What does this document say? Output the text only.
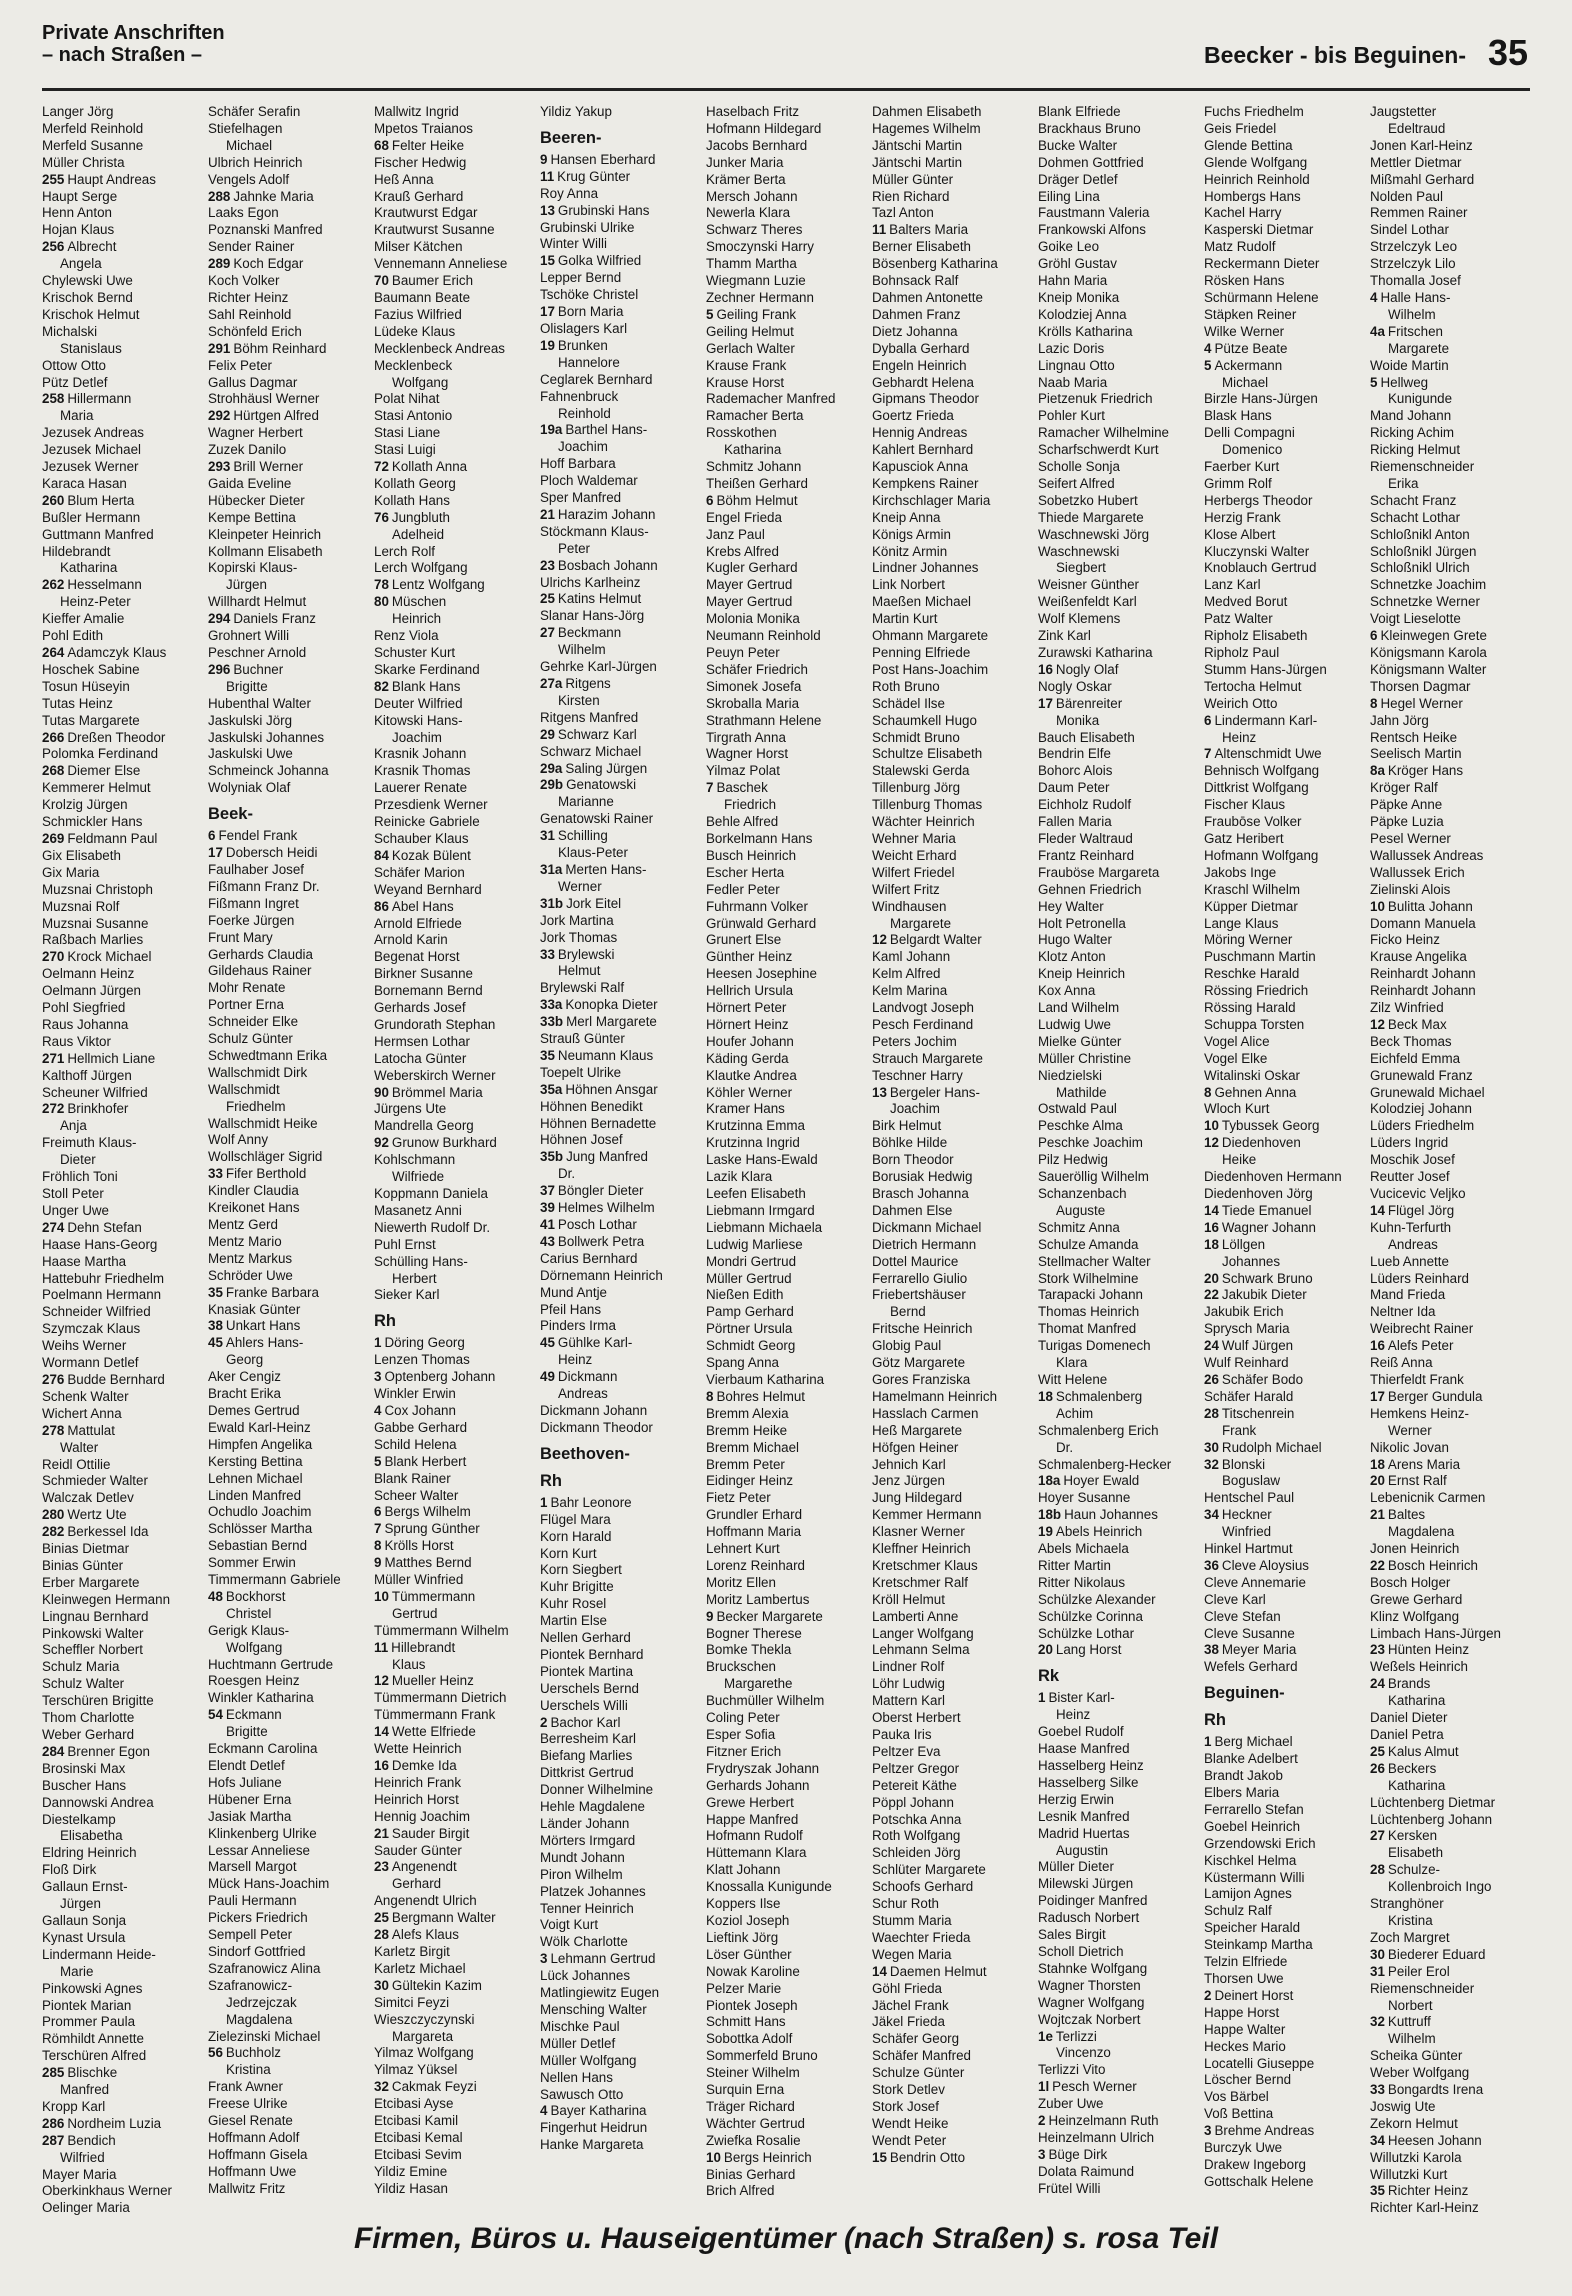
Private Anschriften
– nach Straßen –	Beecker - bis Beguinen- 35
Langer Jörg
Merfeld Reinhold
Merfeld Susanne
Müller Christa
255 Haupt Andreas
Haupt Serge
Henn Anton
Hojan Klaus
256 Albrecht
Angela
Chylewski Uwe
Krischok Bernd
Krischok Helmut
Michalski
Stanislaus
Ottow Otto
Pütz Detlef
258 Hillermann
Maria
Jezusek Andreas
Jezusek Michael
Jezusek Werner
Karaca Hasan
260 Blum Herta
Bußler Hermann
Guttmann Manfred
Hildebrandt
Katharina
262 Hesselmann
Heinz-Peter
Kieffer Amalie
Pohl Edith
264 Adamczyk Klaus
Hoschek Sabine
Tosun Hüseyin
Tutas Heinz
Tutas Margarete
266 Dreßen Theodor
Polomka Ferdinand
268 Diemer Else
Kemmerer Helmut
Krolzig Jürgen
Schmickler Hans
269 Feldmann Paul
Gix Elisabeth
Gix Maria
Muzsnai Christoph
Muzsnai Rolf
Muzsnai Susanne
Raßbach Marlies
270 Krock Michael
Oelmann Heinz
Oelmann Jürgen
Pohl Siegfried
Raus Johanna
Raus Viktor
271 Hellmich Liane
Kalthoff Jürgen
Scheuner Wilfried
272 Brinkhofer
Anja
Freimuth Klaus-
Dieter
Fröhlich Toni
Stoll Peter
Unger Uwe
274 Dehn Stefan
Haase Hans-Georg
Haase Martha
Hattebuhr Friedhelm
Poelmann Hermann
Schneider Wilfried
Szymczak Klaus
Weihs Werner
Wormann Detlef
276 Budde Bernhard
Schenk Walter
Wichert Anna
278 Mattulat
Walter
Reidl Ottilie
Schmieder Walter
Walczak Detlev
280 Wertz Ute
282 Berkessel Ida
Binias Dietmar
Binias Günter
Erber Margarete
Kleinwegen Hermann
Lingnau Bernhard
Pinkowski Walter
Scheffler Norbert
Schulz Maria
Schulz Walter
Terschüren Brigitte
Thom Charlotte
Weber Gerhard
284 Brenner Egon
Brosinski Max
Buscher Hans
Dannowski Andrea
Diestelkamp
Elisabetha
Eldring Heinrich
Floß Dirk
Gallaun Ernst-
Jürgen
Gallaun Sonja
Kynast Ursula
Lindermann Heide-
Marie
Pinkowski Agnes
Piontek Marian
Prommer Paula
Römhildt Annette
Terschüren Alfred
285 Blischke
Manfred
Kropp Karl
286 Nordheim Luzia
287 Bendich
Wilfried
Mayer Maria
Oberkinkhaus Werner
Oelinger Maria
Schäfer Serafin
Stiefelhagen
Michael
Ulbrich Heinrich
Vengels Adolf
288 Jahnke Maria
Laaks Egon
Poznanski Manfred
Sender Rainer
289 Koch Edgar
Koch Volker
Richter Heinz
Sahl Reinhold
Schönfeld Erich
291 Böhm Reinhard
Felix Peter
Gallus Dagmar
Strohhäusl Werner
292 Hürtgen Alfred
Wagner Herbert
Zuzek Danilo
293 Brill Werner
Gaida Eveline
Hübecker Dieter
Kempe Bettina
Kleinpeter Heinrich
Kollmann Elisabeth
Kopirski Klaus-
Jürgen
Willhardt Helmut
294 Daniels Franz
Grohnert Willi
Peschner Arnold
296 Buchner
Brigitte
Hubenthal Walter
Jaskulski Jörg
Jaskulski Johannes
Jaskulski Uwe
Schmeinck Johanna
Wolyniak Olaf
Beek-
6 Fendel Frank
17 Dobersch Heidi
Faulhaber Josef
Fißmann Franz Dr.
Fißmann Ingret
Foerke Jürgen
Frunt Mary
Gerhards Claudia
Gildehaus Rainer
Mohr Renate
Portner Erna
Schneider Elke
Schulz Günter
Schwedtmann Erika
Wallschmidt Dirk
Wallschmidt
Friedhelm
Wallschmidt Heike
Wolf Anny
Wollschläger Sigrid
33 Fifer Berthold
Kindler Claudia
Kreikonet Hans
Mentz Gerd
Mentz Mario
Mentz Markus
Schröder Uwe
35 Franke Barbara
Knasiak Günter
38 Unkart Hans
45 Ahlers Hans-
Georg
Aker Cengiz
Bracht Erika
Demes Gertrud
Ewald Karl-Heinz
Himpfen Angelika
Kersting Bettina
Lehnen Michael
Linden Manfred
Ochudlo Joachim
Schlösser Martha
Sebastian Bernd
Sommer Erwin
Timmermann Gabriele
48 Bockhorst
Christel
Gerigk Klaus-
Wolfgang
Huchtmann Gertrude
Roesgen Heinz
Winkler Katharina
54 Eckmann
Brigitte
Eckmann Carolina
Elendt Detlef
Hofs Juliane
Hübener Erna
Jasiak Martha
Klinkenberg Ulrike
Lessar Anneliese
Marsell Margot
Mück Hans-Joachim
Pauli Hermann
Pickers Friedrich
Sempell Peter
Sindorf Gottfried
Szafranowicz Alina
Szafranowicz-
Jedrzejczak
Magdalena
Zielezinski Michael
56 Buchholz
Kristina
Frank Awner
Freese Ulrike
Giesel Renate
Hoffmann Adolf
Hoffmann Gisela
Hoffmann Uwe
Mallwitz Fritz
Mallwitz Ingrid
Mpetos Traianos
68 Felter Heike
Fischer Hedwig
Heß Anna
Krauß Gerhard
Krautwurst Edgar
Krautwurst Susanne
Milser Kätchen
Vennemann Anneliese
70 Baumer Erich
Baumann Beate
Fazius Wilfried
Lüdeke Klaus
Mecklenbeck Andreas
Mecklenbeck
Wolfgang
Polat Nihat
Stasi Antonio
Stasi Liane
Stasi Luigi
72 Kollath Anna
Kollath Georg
Kollath Hans
76 Jungbluth
Adelheid
Lerch Rolf
Lerch Wolfgang
78 Lentz Wolfgang
80 Müschen
Heinrich
Renz Viola
Schuster Kurt
Skarke Ferdinand
82 Blank Hans
Deuter Wilfried
Kitowski Hans-
Joachim
Krasnik Johann
Krasnik Thomas
Lauerer Renate
Przesdienk Werner
Reinicke Gabriele
Schauber Klaus
84 Kozak Bülent
Schäfer Marion
Weyand Bernhard
86 Abel Hans
Arnold Elfriede
Arnold Karin
Begenat Horst
Birkner Susanne
Bornemann Bernd
Gerhards Josef
Grundorath Stephan
Hermsen Lothar
Latocha Günter
Weberskirch Werner
90 Brömmel Maria
Jürgens Ute
Mandrella Georg
92 Grunow Burkhard
Kohlschmann
Wilfriede
Koppmann Daniela
Masanetz Anni
Niewerth Rudolf Dr.
Puhl Ernst
Schülling Hans-
Herbert
Sieker Karl
Rh
1 Döring Georg
Lenzen Thomas
3 Optenberg Johann
Winkler Erwin
4 Cox Johann
Gabbe Gerhard
Schild Helena
5 Blank Herbert
Blank Rainer
Scheer Walter
6 Bergs Wilhelm
7 Sprung Günther
8 Krölls Horst
9 Matthes Bernd
Müller Winfried
10 Tümmermann
Gertrud
Tümmermann Wilhelm
11 Hillebrandt
Klaus
12 Mueller Heinz
Tümmermann Dietrich
Tümmermann Frank
14 Wette Elfriede
Wette Heinrich
16 Demke Ida
Heinrich Frank
Heinrich Horst
Hennig Joachim
21 Sauder Birgit
Sauder Günter
23 Angenendt
Gerhard
Angenendt Ulrich
25 Bergmann Walter
28 Alefs Klaus
Karletz Birgit
Karletz Michael
30 Gültekin Kazim
Simitci Feyzi
Wieszczyczynski
Margareta
Yilmaz Wolfgang
Yilmaz Yüksel
32 Cakmak Feyzi
Etcibasi Ayse
Etcibasi Kamil
Etcibasi Kemal
Etcibasi Sevim
Yildiz Emine
Yildiz Hasan
Yildiz Yakup
Beeren-
9 Hansen Eberhard
11 Krug Günter
Roy Anna
13 Grubinski Hans
Grubinski Ulrike
Winter Willi
15 Golka Wilfried
Lepper Bernd
Tschöke Christel
17 Born Maria
Olislagers Karl
19 Brunken
Hannelore
Ceglarek Bernhard
Fahnenbruck
Reinhold
19a Barthel Hans-
Joachim
Hoff Barbara
Ploch Waldemar
Sper Manfred
21 Harazim Johann
Stöckmann Klaus-
Peter
23 Bosbach Johann
Ulrichs Karlheinz
25 Katins Helmut
Slanar Hans-Jörg
27 Beckmann
Wilhelm
Gehrke Karl-Jürgen
27a Ritgens
Kirsten
Ritgens Manfred
29 Schwarz Karl
Schwarz Michael
29a Saling Jürgen
29b Genatowski
Marianne
Genatowski Rainer
31 Schilling
Klaus-Peter
31a Merten Hans-
Werner
31b Jork Eitel
Jork Martina
Jork Thomas
33 Brylewski
Helmut
Brylewski Ralf
33a Konopka Dieter
33b Merl Margarete
Strauß Günter
35 Neumann Klaus
Toepelt Ulrike
35a Höhnen Ansgar
Höhnen Benedikt
Höhnen Bernadette
Höhnen Josef
35b Jung Manfred
Dr.
37 Böngler Dieter
39 Helmes Wilhelm
41 Posch Lothar
43 Bollwerk Petra
Carius Bernhard
Dörnemann Heinrich
Mund Antje
Pfeil Hans
Pinders Irma
45 Gühlke Karl-
Heinz
49 Dickmann
Andreas
Dickmann Johann
Dickmann Theodor
Beethoven-
Rh
1 Bahr Leonore
Flügel Mara
Korn Harald
Korn Kurt
Korn Siegbert
Kuhr Brigitte
Kuhr Rosel
Martin Else
Nellen Gerhard
Piontek Bernhard
Piontek Martina
Uerschels Bernd
Uerschels Willi
2 Bachor Karl
Berresheim Karl
Biefang Marlies
Dittkrist Gertrud
Donner Wilhelmine
Hehle Magdalene
Länder Johann
Mörters Irmgard
Mundt Johann
Piron Wilhelm
Platzek Johannes
Tenner Heinrich
Voigt Kurt
Wölk Charlotte
3 Lehmann Gertrud
Lück Johannes
Matlingiewitz Eugen
Mensching Walter
Mischke Paul
Müller Detlef
Müller Wolfgang
Nellen Hans
Sawusch Otto
4 Bayer Katharina
Fingerhut Heidrun
Hanke Margareta
Haselbach Fritz
Hofmann Hildegard
Jacobs Bernhard
Junker Maria
Krämer Berta
Mersch Johann
Newerla Klara
Schwarz Theres
Smoczynski Harry
Thamm Martha
Wiegmann Luzie
Zechner Hermann
5 Geiling Frank
Geiling Helmut
Gerlach Walter
Krause Frank
Krause Horst
Rademacher Manfred
Ramacher Berta
Rosskothen
Katharina
Schmitz Johann
Theißen Gerhard
6 Böhm Helmut
Engel Frieda
Janz Paul
Krebs Alfred
Kugler Gerhard
Mayer Gertrud
Mayer Gertrud
Molonia Monika
Neumann Reinhold
Peuyn Peter
Schäfer Friedrich
Simonek Josefa
Skroballa Maria
Strathmann Helene
Tirgrath Anna
Wagner Horst
Yilmaz Polat
7 Baschek
Friedrich
Behle Alfred
Borkelmann Hans
Busch Heinrich
Escher Herta
Fedler Peter
Fuhrmann Volker
Grünwald Gerhard
Grunert Else
Günther Heinz
Heesen Josephine
Hellrich Ursula
Hörnert Peter
Hörnert Heinz
Houfer Johann
Käding Gerda
Klautke Andrea
Köhler Werner
Kramer Hans
Krutzinna Emma
Krutzinna Ingrid
Laske Hans-Ewald
Lazik Klara
Leefen Elisabeth
Liebmann Irmgard
Liebmann Michaela
Ludwig Marliese
Mondri Gertrud
Müller Gertrud
Nießen Edith
Pamp Gerhard
Pörtner Ursula
Schmidt Georg
Spang Anna
Vierbaum Katharina
8 Bohres Helmut
Bremm Alexia
Bremm Heike
Bremm Michael
Bremm Peter
Eidinger Heinz
Fietz Peter
Grundler Erhard
Hoffmann Maria
Lehnert Kurt
Lorenz Reinhard
Moritz Ellen
Moritz Lambertus
9 Becker Margarete
Bogner Therese
Bomke Thekla
Bruckschen
Margarethe
Buchmüller Wilhelm
Coling Peter
Esper Sofia
Fitzner Erich
Frydryszak Johann
Gerhards Johann
Grewe Herbert
Happe Manfred
Hofmann Rudolf
Hüttemann Klara
Klatt Johann
Knossalla Kunigunde
Koppers Ilse
Koziol Joseph
Lieftink Jörg
Löser Günther
Nowak Karoline
Pelzer Marie
Piontek Joseph
Schmitt Hans
Sobottka Adolf
Sommerfeld Bruno
Steiner Wilhelm
Surquin Erna
Träger Richard
Wächter Gertrud
Zwiefka Rosalie
10 Bergs Heinrich
Binias Gerhard
Brich Alfred
Dahmen Elisabeth
Hagemes Wilhelm
Jäntschi Martin
Jäntschi Martin
Müller Günter
Rien Richard
Tazl Anton
11 Balters Maria
Berner Elisabeth
Bösenberg Katharina
Bohnsack Ralf
Dahmen Antonette
Dahmen Franz
Dietz Johanna
Dyballa Gerhard
Engeln Heinrich
Gebhardt Helena
Gipmans Theodor
Goertz Frieda
Hennig Andreas
Kahlert Bernhard
Kapusciok Anna
Kempkens Rainer
Kirchschlager Maria
Kneip Anna
Königs Armin
Könitz Armin
Lindner Johannes
Link Norbert
Maeßen Michael
Martin Kurt
Ohmann Margarete
Penning Elfriede
Post Hans-Joachim
Roth Bruno
Schädel Ilse
Schaumkell Hugo
Schmidt Bruno
Schultze Elisabeth
Stalewski Gerda
Tillenburg Jörg
Tillenburg Thomas
Wächter Heinrich
Wehner Maria
Weicht Erhard
Wilfert Friedel
Wilfert Fritz
Windhausen
Margarete
12 Belgardt Walter
Kaml Johann
Kelm Alfred
Kelm Marina
Landvogt Joseph
Pesch Ferdinand
Peters Jochim
Strauch Margarete
Teschner Harry
13 Bergeler Hans-
Joachim
Birk Helmut
Böhlke Hilde
Born Theodor
Borusiak Hedwig
Brasch Johanna
Dahmen Else
Dickmann Michael
Dietrich Hermann
Dottel Maurice
Ferrarello Giulio
Friebertshäuser
Bernd
Fritsche Heinrich
Globig Paul
Götz Margarete
Gores Franziska
Hamelmann Heinrich
Hasslach Carmen
Heß Margarete
Höfgen Heiner
Jehnich Karl
Jenz Jürgen
Jung Hildegard
Kemmer Hermann
Klasner Werner
Kleffner Heinrich
Kretschmer Klaus
Kretschmer Ralf
Kröll Helmut
Lamberti Anne
Langer Wolfgang
Lehmann Selma
Lindner Rolf
Löhr Ludwig
Mattern Karl
Oberst Herbert
Pauka Iris
Peltzer Eva
Peltzer Gregor
Petereit Käthe
Pöppl Johann
Potschka Anna
Roth Wolfgang
Schleiden Jörg
Schlüter Margarete
Schoofs Gerhard
Schur Roth
Stumm Maria
Waechter Frieda
Wegen Maria
14 Daemen Helmut
Göhl Frieda
Jächel Frank
Jäkel Frieda
Schäfer Georg
Schäfer Manfred
Schulze Günter
Stork Detlev
Stork Josef
Wendt Heike
Wendt Peter
15 Bendrin Otto
Blank Elfriede
Brackhaus Bruno
Bucke Walter
Dohmen Gottfried
Dräger Detlef
Eiling Lina
Faustmann Valeria
Frankowski Alfons
Goike Leo
Gröhl Gustav
Hahn Maria
Kneip Monika
Kolodziej Anna
Krölls Katharina
Lazic Doris
Lingnau Otto
Naab Maria
Pietzenuk Friedrich
Pohler Kurt
Ramacher Wilhelmine
Scharfschwerdt Kurt
Scholle Sonja
Seifert Alfred
Sobetzko Hubert
Thiede Margarete
Waschnewski Jörg
Waschnewski
Siegbert
Weisner Günther
Weißenfeldt Karl
Wolf Klemens
Zink Karl
Zurawski Katharina
16 Nogly Olaf
Nogly Oskar
17 Bärenreiter
Monika
Bauch Elisabeth
Bendrin Elfe
Bohorc Alois
Daum Peter
Eichholz Rudolf
Fallen Maria
Fleder Waltraud
Frantz Reinhard
Frauböse Margareta
Gehnen Friedrich
Hey Walter
Holt Petronella
Hugo Walter
Klotz Anton
Kneip Heinrich
Kox Anna
Land Wilhelm
Ludwig Uwe
Mielke Günter
Müller Christine
Niedzielski
Mathilde
Ostwald Paul
Peschke Alma
Peschke Joachim
Pilz Hedwig
Saueröllig Wilhelm
Schanzenbach
Auguste
Schmitz Anna
Schulze Amanda
Stellmacher Walter
Stork Wilhelmine
Tarapacki Johann
Thomas Heinrich
Thomat Manfred
Turigas Domenech
Klara
Witt Helene
18 Schmalenberg
Achim
Schmalenberg Erich
Dr.
Schmalenberg-Hecker
18a Hoyer Ewald
Hoyer Susanne
18b Haun Johannes
19 Abels Heinrich
Abels Michaela
Ritter Martin
Ritter Nikolaus
Schülzke Alexander
Schülzke Corinna
Schülzke Lothar
20 Lang Horst
Rk
1 Bister Karl-
Heinz
Goebel Rudolf
Haase Manfred
Hasselberg Heinz
Hasselberg Silke
Herzig Erwin
Lesnik Manfred
Madrid Huertas
Augustin
Müller Dieter
Milewski Jürgen
Poidinger Manfred
Radusch Norbert
Sales Birgit
Scholl Dietrich
Stahnke Wolfgang
Wagner Thorsten
Wagner Wolfgang
Wojtczak Norbert
1e Terlizzi
Vincenzo
Terlizzi Vito
1l Pesch Werner
Zuber Uwe
2 Heinzelmann Ruth
Heinzelmann Ulrich
3 Büge Dirk
Dolata Raimund
Frütel Willi
Fuchs Friedhelm
Geis Friedel
Glende Bettina
Glende Wolfgang
Heinrich Reinhold
Hombergs Hans
Kachel Harry
Kasperski Dietmar
Matz Rudolf
Reckermann Dieter
Rösken Hans
Schürmann Helene
Stäpken Reiner
Wilke Werner
4 Pütze Beate
5 Ackermann
Michael
Birzle Hans-Jürgen
Blask Hans
Delli Compagni
Domenico
Faerber Kurt
Grimm Rolf
Herbergs Theodor
Herzig Frank
Klose Albert
Kluczynski Walter
Knoblauch Gertrud
Lanz Karl
Medved Borut
Patz Walter
Ripholz Elisabeth
Ripholz Paul
Stumm Hans-Jürgen
Tertocha Helmut
Weirich Otto
6 Lindermann Karl-
Heinz
7 Altenschmidt Uwe
Behnisch Wolfgang
Dittkrist Wolfgang
Fischer Klaus
Fraubōse Volker
Gatz Heribert
Hofmann Wolfgang
Jakobs Inge
Kraschl Wilhelm
Küpper Dietmar
Lange Klaus
Möring Werner
Puschmann Martin
Reschke Harald
Rössing Friedrich
Rössing Harald
Schuppa Torsten
Vogel Alice
Vogel Elke
Witalinski Oskar
8 Gehnen Anna
Wloch Kurt
10 Tybussek Georg
12 Diedenhoven
Heike
Diedenhoven Hermann
Diedenhoven Jörg
14 Tiede Emanuel
16 Wagner Johann
18 Löllgen
Johannes
20 Schwark Bruno
22 Jakubik Dieter
Jakubik Erich
Sprysch Maria
24 Wulf Jürgen
Wulf Reinhard
26 Schäfer Bodo
Schäfer Harald
28 Titschenrein
Frank
30 Rudolph Michael
32 Blonski
Boguslaw
Hentschel Paul
34 Heckner
Winfried
Hinkel Hartmut
36 Cleve Aloysius
Cleve Annemarie
Cleve Karl
Cleve Stefan
Cleve Susanne
38 Meyer Maria
Wefels Gerhard
Beguinen-
Rh
1 Berg Michael
Blanke Adelbert
Brandt Jakob
Elbers Maria
Ferrarello Stefan
Goebel Heinrich
Grzendowski Erich
Kischkel Helma
Küstermann Willi
Lamijon Agnes
Schulz Ralf
Speicher Harald
Steinkamp Martha
Telzin Elfriede
Thorsen Uwe
2 Deinert Horst
Happe Horst
Happe Walter
Heckes Mario
Locatelli Giuseppe
Löscher Bernd
Vos Bärbel
Voß Bettina
3 Brehme Andreas
Burczyk Uwe
Drakew Ingeborg
Gottschalk Helene
Jaugstetter
Edeltraud
Jonen Karl-Heinz
Mettler Dietmar
Mißmahl Gerhard
Nolden Paul
Remmen Rainer
Sindel Lothar
Strzelczyk Leo
Strzelczyk Lilo
Thomalla Josef
4 Halle Hans-
Wilhelm
4a Fritschen
Margarete
Woide Martin
5 Hellweg
Kunigunde
Mand Johann
Ricking Achim
Ricking Helmut
Riemenschneider
Erika
Schacht Franz
Schacht Lothar
Schloßnikl Anton
Schloßnikl Jürgen
Schloßnikl Ulrich
Schnetzke Joachim
Schnetzke Werner
Voigt Lieselotte
6 Kleinwegen Grete
Königsmann Karola
Königsmann Walter
Thorsen Dagmar
8 Hegel Werner
Jahn Jörg
Rentsch Heike
Seelisch Martin
8a Kröger Hans
Kröger Ralf
Päpke Anne
Päpke Luzia
Pesel Werner
Wallussek Andreas
Wallussek Erich
Zielinski Alois
10 Bulitta Johann
Domann Manuela
Ficko Heinz
Krause Angelika
Reinhardt Johann
Reinhardt Johann
Zilz Winfried
12 Beck Max
Beck Thomas
Eichfeld Emma
Grunewald Franz
Grunewald Michael
Kolodziej Johann
Lüders Friedhelm
Lüders Ingrid
Moschik Josef
Reutter Josef
Vucicevic Veljko
14 Flügel Jörg
Kuhn-Terfurth
Andreas
Lueb Annette
Lüders Reinhard
Mand Frieda
Neltner Ida
Weibrecht Rainer
16 Alefs Peter
Reiß Anna
Thierfeldt Frank
17 Berger Gundula
Hemkens Heinz-
Werner
Nikolic Jovan
18 Arens Maria
20 Ernst Ralf
Lebenicnik Carmen
21 Baltes
Magdalena
Jonen Heinrich
22 Bosch Heinrich
Bosch Holger
Grewe Gerhard
Klinz Wolfgang
Limbach Hans-Jürgen
23 Hünten Heinz
Weßels Heinrich
24 Brands
Katharina
Daniel Dieter
Daniel Petra
25 Kalus Almut
26 Beckers
Katharina
Lüchtenberg Dietmar
Lüchtenberg Johann
27 Kersken
Elisabeth
28 Schulze-
Kollenbroich Ingo
Stranghöner
Kristina
Zoch Margret
30 Biederer Eduard
31 Peiler Erol
Riemenschneider
Norbert
32 Kuttruff
Wilhelm
Scheika Günter
Weber Wolfgang
33 Bongardts Irena
Joswig Ute
Zekorn Helmut
34 Heesen Johann
Willutzki Karola
Willutzki Kurt
35 Richter Heinz
Richter Karl-Heinz
Firmen, Büros u. Hauseigentümer (nach Straßen) s. rosa Teil
